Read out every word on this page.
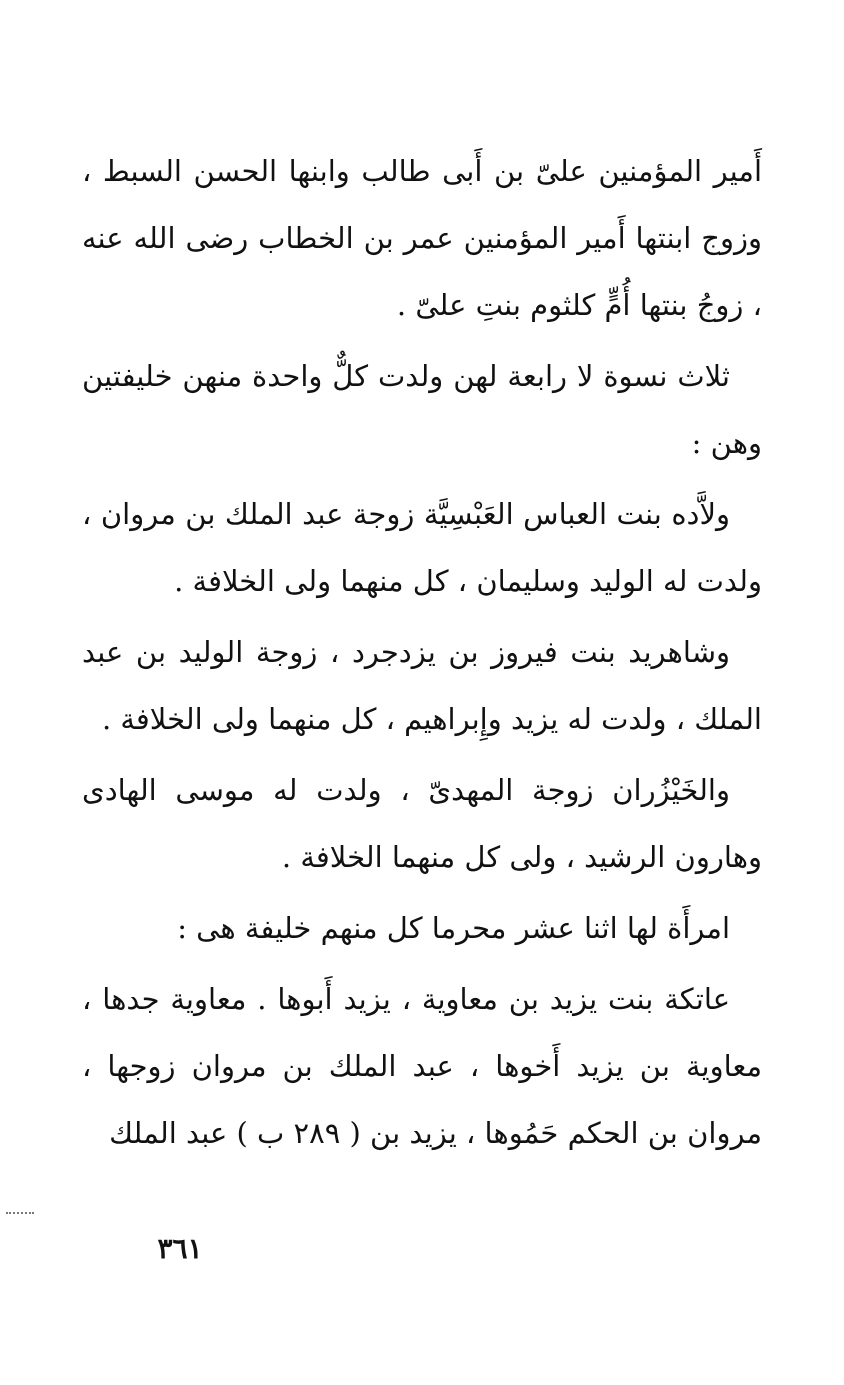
أَمير المؤمنين علىّ بن أَبى طالب وابنها الحسن السبط ، وزوج ابنتها أَمير المؤمنين عمر بن الخطاب رضى الله عنه ، زوجُ بنتها أُمٍّ كلثوم بنتِ علىّ .

ثلاث نسوة لا رابعة لهن ولدت كلٌّ واحدة منهن خليفتين وهن :

ولاَّده بنت العباس العَبْسِيَّة زوجة عبد الملك بن مروان ، ولدت له الوليد وسليمان ، كل منهما ولى الخلافة .

وشاهريد بنت فيروز بن يزدجرد ، زوجة الوليد بن عبد الملك ، ولدت له يزيد وإِبراهيم ، كل منهما ولى الخلافة .

والخَيْزُران زوجة المهدىّ ، ولدت له موسى الهادى وهارون الرشيد ، ولى كل منهما الخلافة .

امرأَة لها اثنا عشر محرما كل منهم خليفة هى :

عاتكة بنت يزيد بن معاوية ، يزيد أَبوها . معاوية جدها ، معاوية بن يزيد أَخوها ، عبد الملك بن مروان زوجها ، مروان بن الحكم حَمُوها ، يزيد بن ( ٢٨٩ ب ) عبد الملك

٣٦١
